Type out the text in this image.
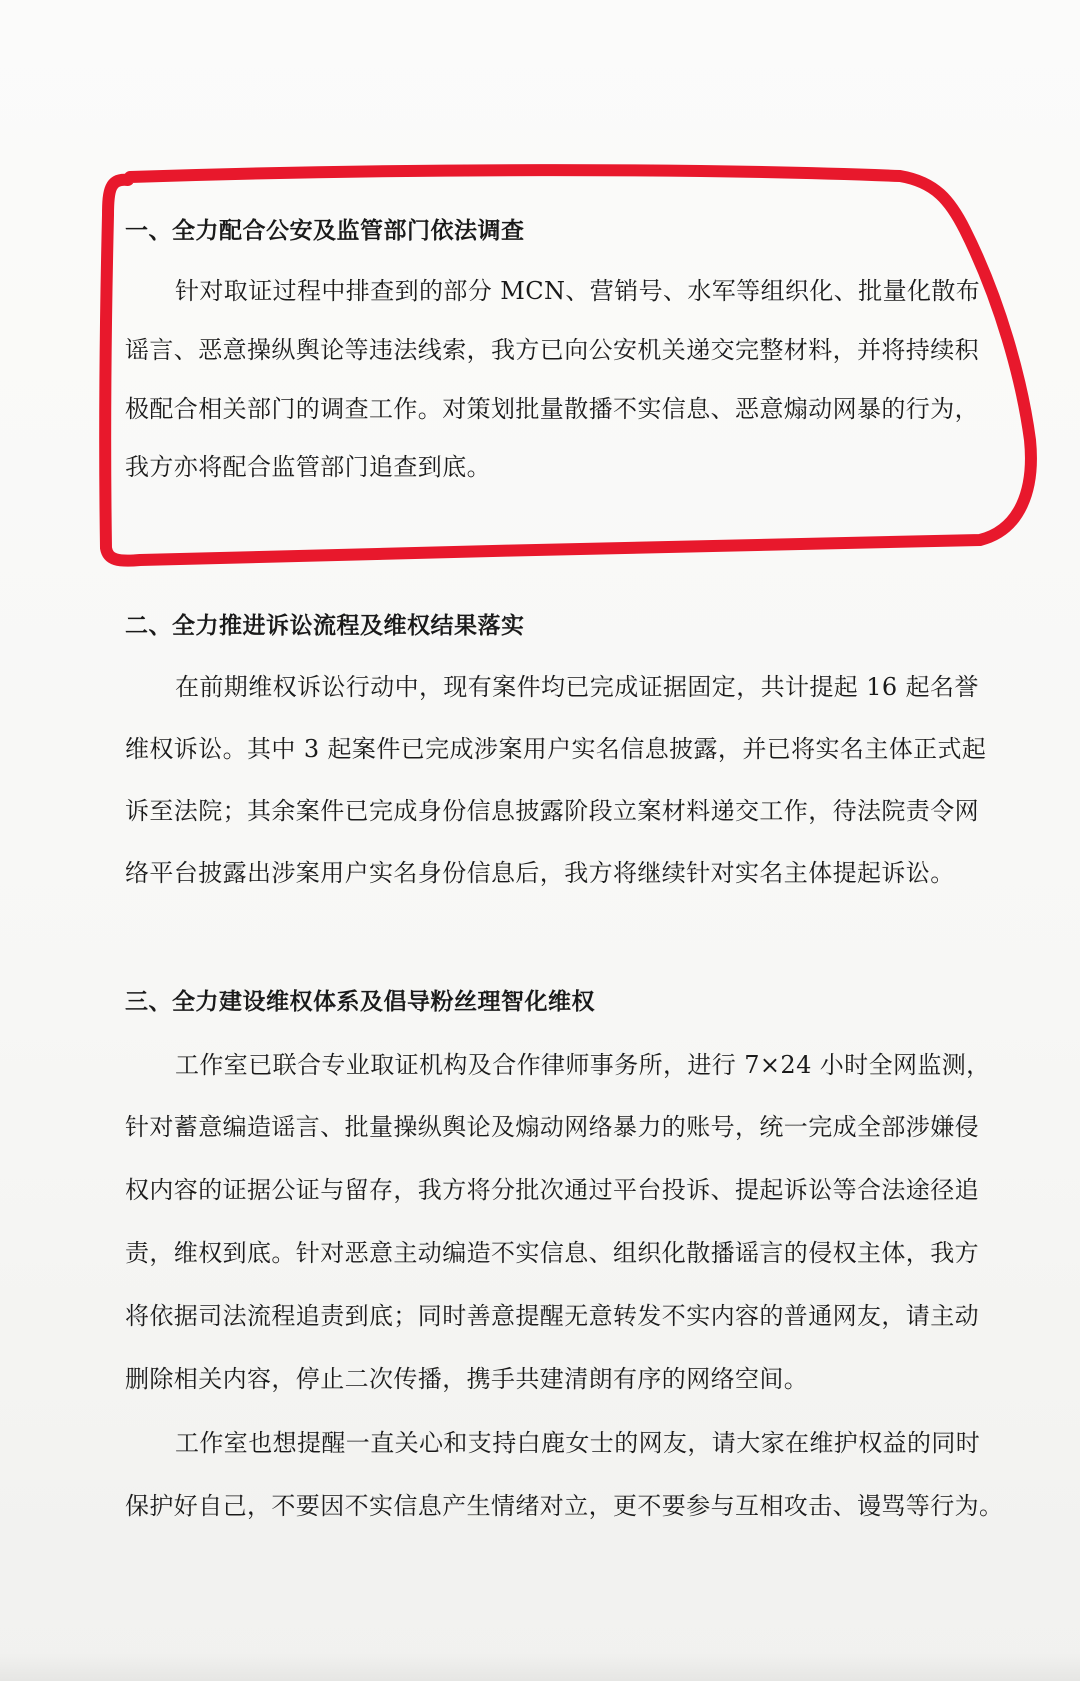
一、全力配合公安及监管部门依法调查
针对取证过程中排查到的部分 MCN、营销号、水军等组织化、批量化散布
谣言、恶意操纵舆论等违法线索，我方已向公安机关递交完整材料，并将持续积
极配合相关部门的调查工作。对策划批量散播不实信息、恶意煽动网暴的行为，
我方亦将配合监管部门追查到底。
二、全力推进诉讼流程及维权结果落实
在前期维权诉讼行动中，现有案件均已完成证据固定，共计提起 16 起名誉
维权诉讼。其中 3 起案件已完成涉案用户实名信息披露，并已将实名主体正式起
诉至法院；其余案件已完成身份信息披露阶段立案材料递交工作，待法院责令网
络平台披露出涉案用户实名身份信息后，我方将继续针对实名主体提起诉讼。
三、全力建设维权体系及倡导粉丝理智化维权
工作室已联合专业取证机构及合作律师事务所，进行 7×24 小时全网监测，
针对蓄意编造谣言、批量操纵舆论及煽动网络暴力的账号，统一完成全部涉嫌侵
权内容的证据公证与留存，我方将分批次通过平台投诉、提起诉讼等合法途径追
责，维权到底。针对恶意主动编造不实信息、组织化散播谣言的侵权主体，我方
将依据司法流程追责到底；同时善意提醒无意转发不实内容的普通网友，请主动
删除相关内容，停止二次传播，携手共建清朗有序的网络空间。
工作室也想提醒一直关心和支持白鹿女士的网友，请大家在维护权益的同时
保护好自己，不要因不实信息产生情绪对立，更不要参与互相攻击、谩骂等行为。
